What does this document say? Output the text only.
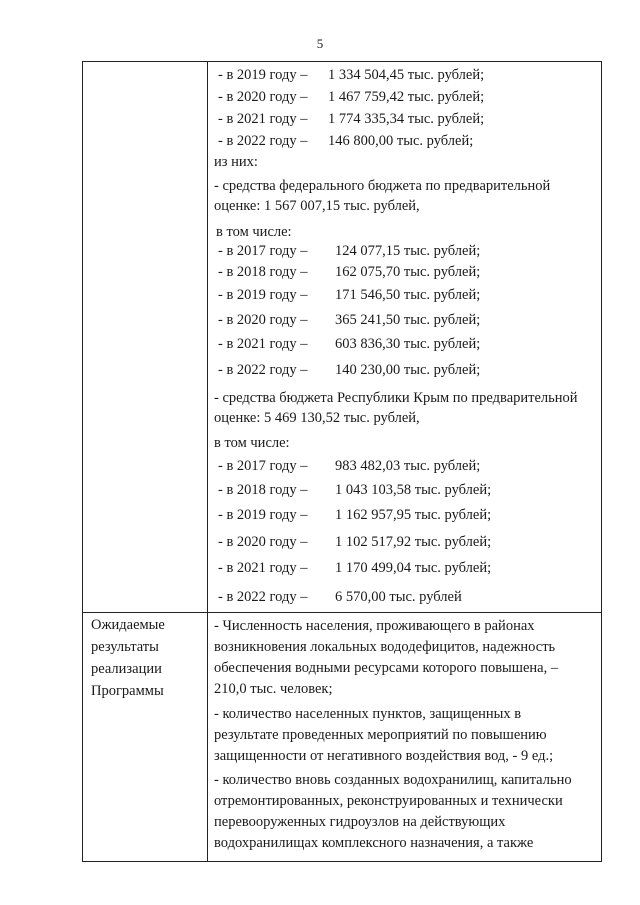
5
- в 2019 году – 1 334 504,45 тыс. рублей;
- в 2020 году – 1 467 759,42 тыс. рублей;
- в 2021 году – 1 774 335,34 тыс. рублей;
- в 2022 году – 146 800,00 тыс. рублей;
из них:
- средства федерального бюджета по предварительной
оценке: 1 567 007,15 тыс. рублей,
в том числе:
- в 2017 году – 124 077,15 тыс. рублей;
- в 2018 году – 162 075,70 тыс. рублей;
- в 2019 году – 171 546,50 тыс. рублей;
- в 2020 году – 365 241,50 тыс. рублей;
- в 2021 году – 603 836,30 тыс. рублей;
- в 2022 году – 140 230,00 тыс. рублей;
- средства бюджета Республики Крым по предварительной
оценке: 5 469 130,52 тыс. рублей,
в том числе:
- в 2017 году – 983 482,03 тыс. рублей;
- в 2018 году – 1 043 103,58 тыс. рублей;
- в 2019 году – 1 162 957,95 тыс. рублей;
- в 2020 году – 1 102 517,92 тыс. рублей;
- в 2021 году – 1 170 499,04 тыс. рублей;
- в 2022 году – 6 570,00 тыс. рублей
Ожидаемые
результаты
реализации
Программы
- Численность населения, проживающего в районах
возникновения локальных вододефицитов, надежность
обеспечения водными ресурсами которого повышена, –
210,0 тыс. человек;
- количество населенных пунктов, защищенных в
результате проведенных мероприятий по повышению
защищенности от негативного воздействия вод, - 9 ед.;
- количество вновь созданных водохранилищ, капитально
отремонтированных, реконструированных и технически
перевооруженных гидроузлов на действующих
водохранилищах комплексного назначения, а также
